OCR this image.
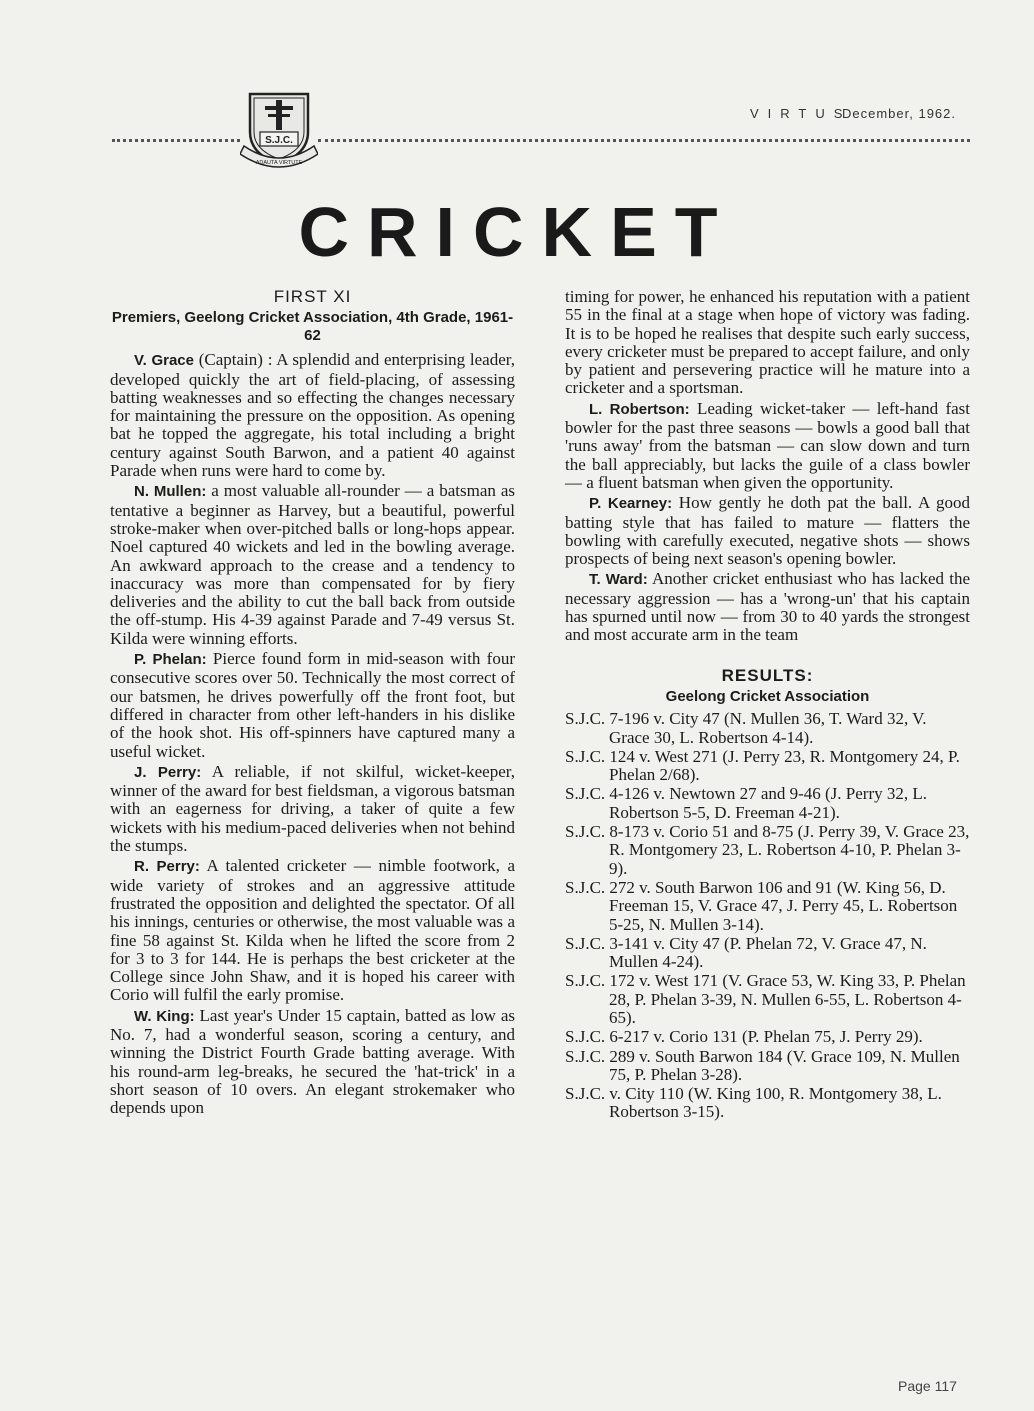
S.J.C.
ADAUTA VIRTUTE
VIRTUS
December, 1962.
CRICKET
FIRST XI
Premiers, Geelong Cricket Association, 4th Grade, 1961-62

V. Grace (Captain) : A splendid and enterprising leader, developed quickly the art of field-placing, of assessing batting weaknesses and so effecting the changes necessary for maintaining the pressure on the opposition. As opening bat he topped the aggregate, his total including a bright century against South Barwon, and a patient 40 against Parade when runs were hard to come by.

N. Mullen: a most valuable all-rounder — a batsman as tentative a beginner as Harvey, but a beautiful, powerful stroke-maker when over-pitched balls or long-hops appear. Noel captured 40 wickets and led in the bowling average. An awkward approach to the crease and a tendency to inaccuracy was more than compensated for by fiery deliveries and the ability to cut the ball back from outside the off-stump. His 4-39 against Parade and 7-49 versus St. Kilda were winning efforts.

P. Phelan: Pierce found form in mid-season with four consecutive scores over 50. Technically the most correct of our batsmen, he drives powerfully off the front foot, but differed in character from other left-handers in his dislike of the hook shot. His off-spinners have captured many a useful wicket.

J. Perry: A reliable, if not skilful, wicket-keeper, winner of the award for best fieldsman, a vigorous batsman with an eagerness for driving, a taker of quite a few wickets with his medium-paced deliveries when not behind the stumps.

R. Perry: A talented cricketer — nimble footwork, a wide variety of strokes and an aggressive attitude frustrated the opposition and delighted the spectator. Of all his innings, centuries or otherwise, the most valuable was a fine 58 against St. Kilda when he lifted the score from 2 for 3 to 3 for 144. He is perhaps the best cricketer at the College since John Shaw, and it is hoped his career with Corio will fulfil the early promise.

W. King: Last year's Under 15 captain, batted as low as No. 7, had a wonderful season, scoring a century, and winning the District Fourth Grade batting average. With his round-arm leg-breaks, he secured the 'hat-trick' in a short season of 10 overs. An elegant strokemaker who depends upon

timing for power, he enhanced his reputation with a patient 55 in the final at a stage when hope of victory was fading. It is to be hoped he realises that despite such early success, every cricketer must be prepared to accept failure, and only by patient and persevering practice will he mature into a cricketer and a sportsman.

L. Robertson: Leading wicket-taker — left-hand fast bowler for the past three seasons — bowls a good ball that 'runs away' from the batsman — can slow down and turn the ball appreciably, but lacks the guile of a class bowler — a fluent batsman when given the opportunity.

P. Kearney: How gently he doth pat the ball. A good batting style that has failed to mature — flatters the bowling with carefully executed, negative shots — shows prospects of being next season's opening bowler.

T. Ward: Another cricket enthusiast who has lacked the necessary aggression — has a 'wrong-un' that his captain has spurned until now — from 30 to 40 yards the strongest and most accurate arm in the team

RESULTS:
Geelong Cricket Association
S.J.C. 7-196 v. City 47 (N. Mullen 36, T. Ward 32, V. Grace 30, L. Robertson 4-14).
S.J.C. 124 v. West 271 (J. Perry 23, R. Montgomery 24, P. Phelan 2/68).
S.J.C. 4-126 v. Newtown 27 and 9-46 (J. Perry 32, L. Robertson 5-5, D. Freeman 4-21).
S.J.C. 8-173 v. Corio 51 and 8-75 (J. Perry 39, V. Grace 23, R. Montgomery 23, L. Robertson 4-10, P. Phelan 3-9).
S.J.C. 272 v. South Barwon 106 and 91 (W. King 56, D. Freeman 15, V. Grace 47, J. Perry 45, L. Robertson 5-25, N. Mullen 3-14).
S.J.C. 3-141 v. City 47 (P. Phelan 72, V. Grace 47, N. Mullen 4-24).
S.J.C. 172 v. West 171 (V. Grace 53, W. King 33, P. Phelan 28, P. Phelan 3-39, N. Mullen 6-55, L. Robertson 4-65).
S.J.C. 6-217 v. Corio 131 (P. Phelan 75, J. Perry 29).
S.J.C. 289 v. South Barwon 184 (V. Grace 109, N. Mullen 75, P. Phelan 3-28).
S.J.C. v. City 110 (W. King 100, R. Montgomery 38, L. Robertson 3-15).
Page 117
